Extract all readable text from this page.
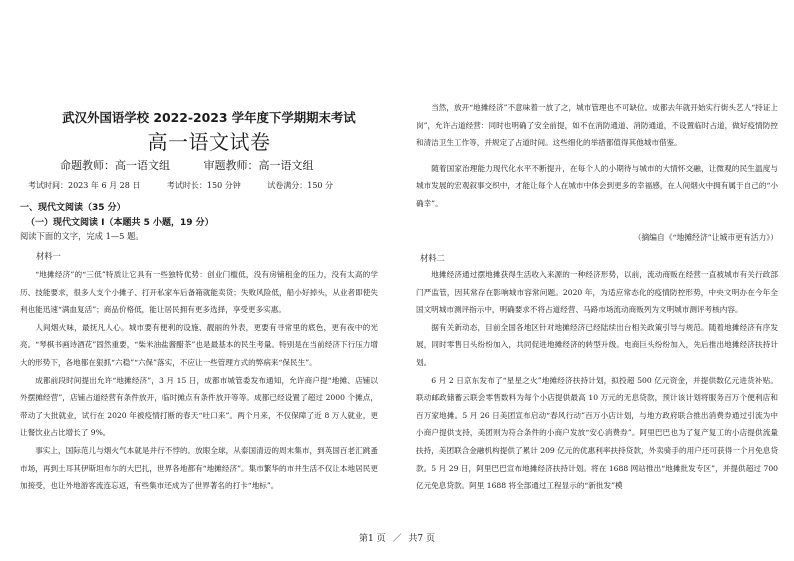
武汉外国语学校 2022-2023 学年度下学期期末考试
高一语文试卷
命题教师：高一语文组	审题教师：高一语文组
考试时间：2023 年 6 月 28 日	考试时长：150 分钟	试卷满分：150 分
一、现代文阅读（35 分）
（一）现代文阅读 I（本题共 5 小题，19 分）
阅读下面的文字，完成 1—5 题。
材料一

“地摊经济”的“三低”特质让它具有一些独特优势：创业门槛低，没有房铺租金的压力，没有太高的学历、技能要求，很多人支个小摊子、打开私家车后备箱就能卖货；失败风险低，船小好掉头，从业者即使失利也能迅速“满血复活”；商品价格低，能让居民拥有更多选择，享受更多实惠。

人间烟火味，最抚凡人心。城市要有便利的设施、靓丽的外表，更要有寻常里的底色，更有夜中的光亮。“琴棋书画诗酒花”固然重要，“柴米油盐酱醋茶”也是最基本的民生考量。特别是在当前经济下行压力增大的形势下，各地都在狠抓“六稳”“六保”落实，不应让一些管理方式的弊病来“保民生”。

成都前段时间提出允许“地摊经济”，3 月 15 日，成都市城管委发布通知，允许商户提“地摊、店铺以外摆摊经营”，店铺占道经营有条件放开，临时摊点有条件放开等等。成都已经设置了超过 2000 个摊点，带动了大批就业，试行在 2020 年被疫情打断的春天“吐口来”。两个月来，不仅保障了近 8 万人就业，更让餐饮业占比增长了 9%。

事实上，国际范儿与烟火气本就是并行不悖的。放眼全球，从泰国清迈的周末集市，到英国百老汇跳蚤市场，再到土耳其伊斯坦布尔的大巴扎，世界各地都有“地摊经济”。集市繁华的市井生活不仅让本地居民更加接受，也让外地游客流连忘返，有些集市还成为了世界著名的打卡“地标”。

当然，放开“地摊经济”不意味着一放了之，城市管理也不可缺位。成都去年就开始实行街头艺人“持证上岗”，允许占道经营：同时也明确了安全前提，如不在消防通道、消防通道，不设置临时占道，做好疫情防控和清洁卫生工作等，并规定了占道时间。这些细化的举措都值得其他城市借鉴。

随着国家治理能力现代化水平不断提升，在每个人的小期待与城市的大情怀交融，让微观的民生温度与城市发展的宏观叙事交织中，才能让每个人在城市中体会到更多的幸福感，在人间烟火中拥有属于自己的“小确幸”。

（摘编自《“地摊经济”让城市更有活力》）
材料二

地摊经济通过摆地摊获得生活收入来源的一种经济形势，以前，流动商贩在经营一直被城市有关行政部门严监管，因其常存在影响城市容常问题。2020 年，为适应常态化的疫情防控形势，中央文明办在今年全国文明城市测评指示中，明确要求不将占道经营、马路市场流动商贩列为文明城市测评考核内容。

据有关新动态，目前全国各地区针对地摊经济已经陆续出台相关政策引导与规范。随着地摊经济有序发展，同时零售日头纷纷加入，共同促进地摊经济的转型升级。电商巨头纷纷加入，先后推出地摊经济扶持计划。

6 月 2 日京东发布了“星星之火”地摊经济扶持计划，拟投超 500 亿元资金，并提供数亿元进货补贴。联动邮政储蓄云联会零售数料为每个小店提供最高 10 万元的无息贷款，预计该计划将服务百万个便利店和百万家地摊。5 月 26 日美团宣布启动“春风行动”百万小店计划，与地方政府联合推出消费券通过引流为中小商户提供支持，美团则为符合条件的小商户发放“安心消费券”。阿里巴巴也为了复产复工的小店提供流量扶持，美团联合金融机构提供了累计 209 亿元的优惠利率扶持贷款，外卖骑手的用户还可获得一个月免息贷款。5 月 29 日，阿里巴巴宣布地摊经济扶持计划。将在 1688 网站推出“地摊批发专区”，并提供超过 700 亿元免息贷款。阿里 1688 将全部通过工程显示的“新批发”模

第1 页 ／ 共7 页
